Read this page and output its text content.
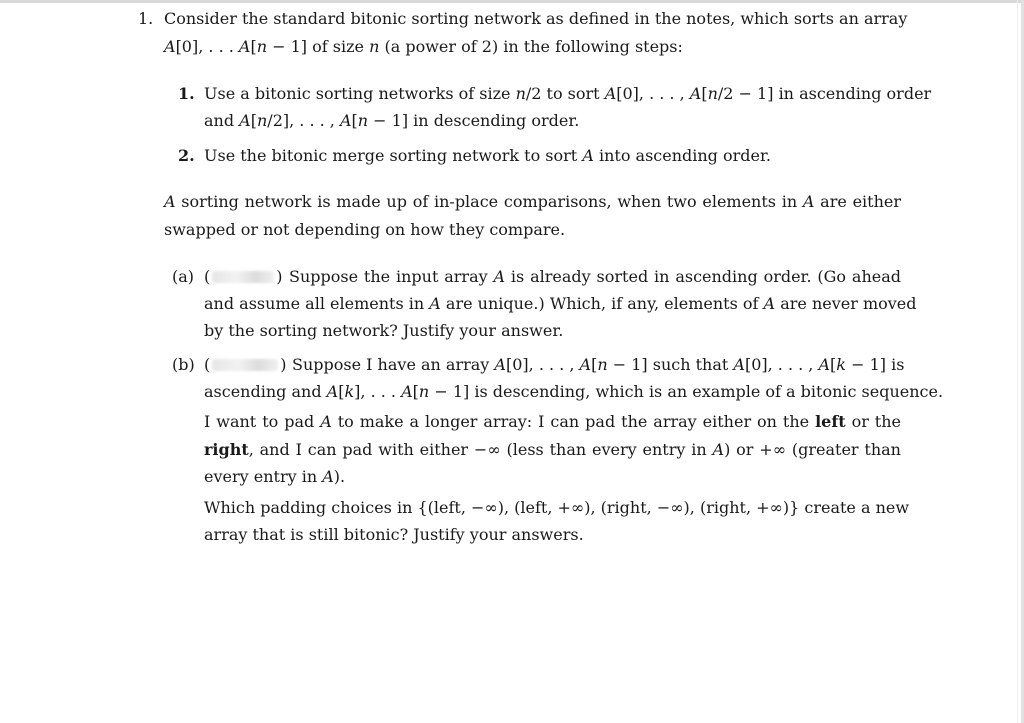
1. Consider the standard bitonic sorting network as defined in the notes, which sorts an array
A[0], . . . A[n − 1] of size n (a power of 2) in the following steps:
1. Use a bitonic sorting networks of size n/2 to sort A[0], . . . , A[n/2 − 1] in ascending order
and A[n/2], . . . , A[n − 1] in descending order.
2. Use the bitonic merge sorting network to sort A into ascending order.
A sorting network is made up of in-place comparisons, when two elements in A are either
swapped or not depending on how they compare.
(a) (	) Suppose the input array A is already sorted in ascending order. (Go ahead
and assume all elements in A are unique.) Which, if any, elements of A are never moved
by the sorting network? Justify your answer.
(b) (	) Suppose I have an array A[0], . . . , A[n − 1] such that A[0], . . . , A[k − 1] is
ascending and A[k], . . . A[n − 1] is descending, which is an example of a bitonic sequence.
I want to pad A to make a longer array: I can pad the array either on the left or the
right, and I can pad with either −∞ (less than every entry in A) or +∞ (greater than
every entry in A).
Which padding choices in {(left, −∞), (left, +∞), (right, −∞), (right, +∞)} create a new
array that is still bitonic? Justify your answers.
